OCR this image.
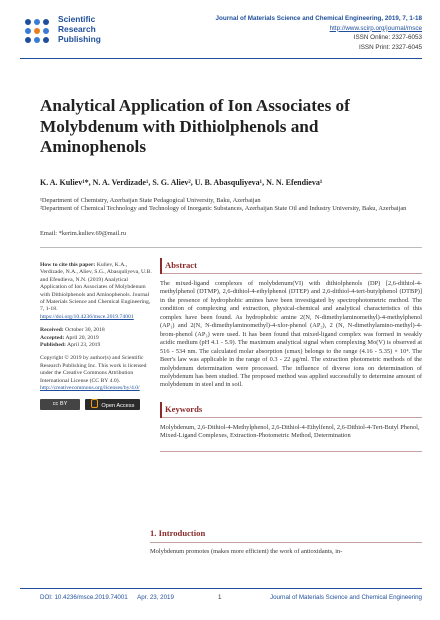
Scientific
Research
Publishing
Journal of Materials Science and Chemical Engineering, 2019, 7, 1-18
http://www.scirp.org/journal/msce
ISSN Online: 2327-6053
ISSN Print: 2327-6045
Analytical Application of Ion Associates of Molybdenum with Dithiolphenols and Aminophenols
K. A. Kuliev¹*, N. A. Verdizade¹, S. G. Aliev², U. B. Abasquliyeva¹, N. N. Efendieva¹
¹Department of Chemistry, Azerbaijan State Pedagogical University, Baku, Azerbaijan
²Department of Chemical Technology and Technology of Inorganic Substances, Azerbaijan State Oil and Industry University, Baku, Azerbaijan
Email: *kerim.kuliev.69@mail.ru

How to cite this paper: Kuliev, K.A., Verdizade, N.A., Aliev, S.G., Abasquliyeva, U.B. and Efendieva, N.N. (2019) Analytical Application of Ion Associates of Molybdenum with Dithiolphenols and Aminophenols. Journal of Materials Science and Chemical Engineering, 7, 1-18.
https://doi.org/10.4236/msce.2019.74001

Received: October 30, 2018
Accepted: April 20, 2019
Published: April 23, 2019

Copyright © 2019 by author(s) and Scientific Research Publishing Inc. This work is licensed under the Creative Commons Attribution International License (CC BY 4.0).
http://creativecommons.org/licenses/by/4.0/

cc BY	Open Access
Abstract

The mixed-ligand complexes of molybdenum(VI) with dithiolphenols (DP) [2,6-dithiol-4-methylphenol (DTMP), 2,6-dithiol-4-ethylphenol (DTEP) and 2,6-dithiol-4-tert-butylphenol (DTBP)] in the presence of hydrophobic amines have been investigated by spectrophotometric method. The condition of complexing and extraction, physical-chemical and analytical characteristics of this complex have been found. As hydrophobic amine 2(N, N-dimethylaminomethyl)-4-methylphenol (AP₁) and 2(N, N-dimethylaminomethyl)-4-xlor-phenol (AP₂), 2 (N, N-dimethylamino-methyl)-4-brom-phenol (AP₃) were used. It has been found that mixed-ligand complex was formed in weakly acidic medium (pH 4.1 - 5.9). The maximum analytical signal when complexing Mo(V) is observed at 516 - 534 nm. The calculated molar absorption (εmax) belongs to the range (4.16 - 5.35) × 10⁴. The Beer's law was applicable in the range of 0.3 - 22 μg/ml. The extraction photometric methods of the molybdenum determination were processed. The influence of diverse ions on determination of molybdenum has been studied. The proposed method was applied successfully to determine amount of molybdenum in steel and in soil.

Keywords

Molybdenum, 2,6-Dithiol-4-Methylphenol, 2,6-Dithiol-4-Ethylfenol, 2,6-Dithiol-4-Tert-Butyl Phenol, Mixed-Ligand Complexes, Extraction-Photometric Method, Determination

1. Introduction
Molybdenum promotes (makes more efficient) the work of antioxidants, in-
DOI: 10.4236/msce.2019.74001 Apr. 23, 2019	1	Journal of Materials Science and Chemical Engineering
